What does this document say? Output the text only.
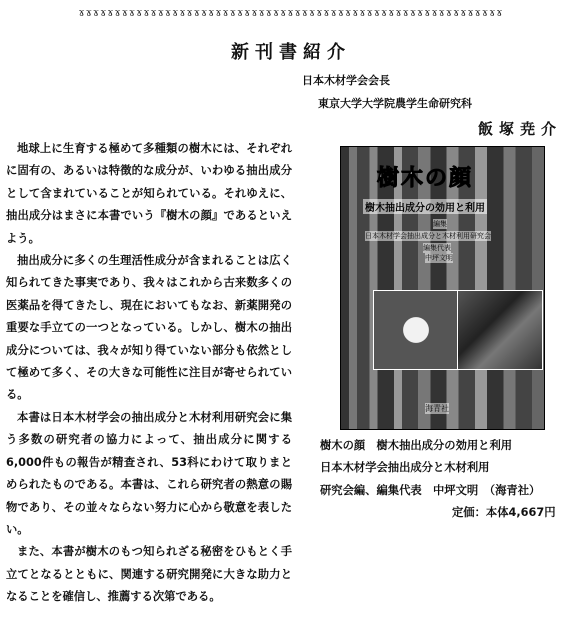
ɤɤɤɤɤɤɤɤɤɤɤɤɤɤɤɤɤɤɤɤɤɤɤɤɤɤɤɤɤɤɤɤɤɤɤɤɤɤɤɤɤɤɤɤɤɤɤɤɤɤɤɤɤɤɤɤɤɤɤ
新刊書紹介
日本木材学会会長
東京大学大学院農学生命研究科
飯塚尭介

地球上に生育する極めて多種類の樹木には、それぞれに固有の、あるいは特徴的な成分が、いわゆる抽出成分として含まれていることが知られている。それゆえに、抽出成分はまさに本書でいう『樹木の顔』であるといえよう。

抽出成分に多くの生理活性成分が含まれることは広く知られてきた事実であり、我々はこれから古来数多くの医薬品を得てきたし、現在においてもなお、新薬開発の重要な手立ての一つとなっている。しかし、樹木の抽出成分については、我々が知り得ていない部分も依然として極めて多く、その大きな可能性に注目が寄せられている。

本書は日本木材学会の抽出成分と木材利用研究会に集う多数の研究者の協力によって、抽出成分に関する6,000件もの報告が精査され、53科にわけて取りまとめられたものである。本書は、これら研究者の熱意の賜物であり、その並々ならない努力に心から敬意を表したい。

また、本書が樹木のもつ知られざる秘密をひもとく手立てとなるとともに、関連する研究開発に大きな助力となることを確信し、推薦する次第である。

樹木の顔
樹木抽出成分の効用と利用
編集
日本木材学会抽出成分と木材利用研究会
編集代表
中坪文明
海青社
樹木の顔　樹木抽出成分の効用と利用
日本木材学会抽出成分と木材利用
研究会編、編集代表　中坪文明　（海青社）
定価：本体4,667円
